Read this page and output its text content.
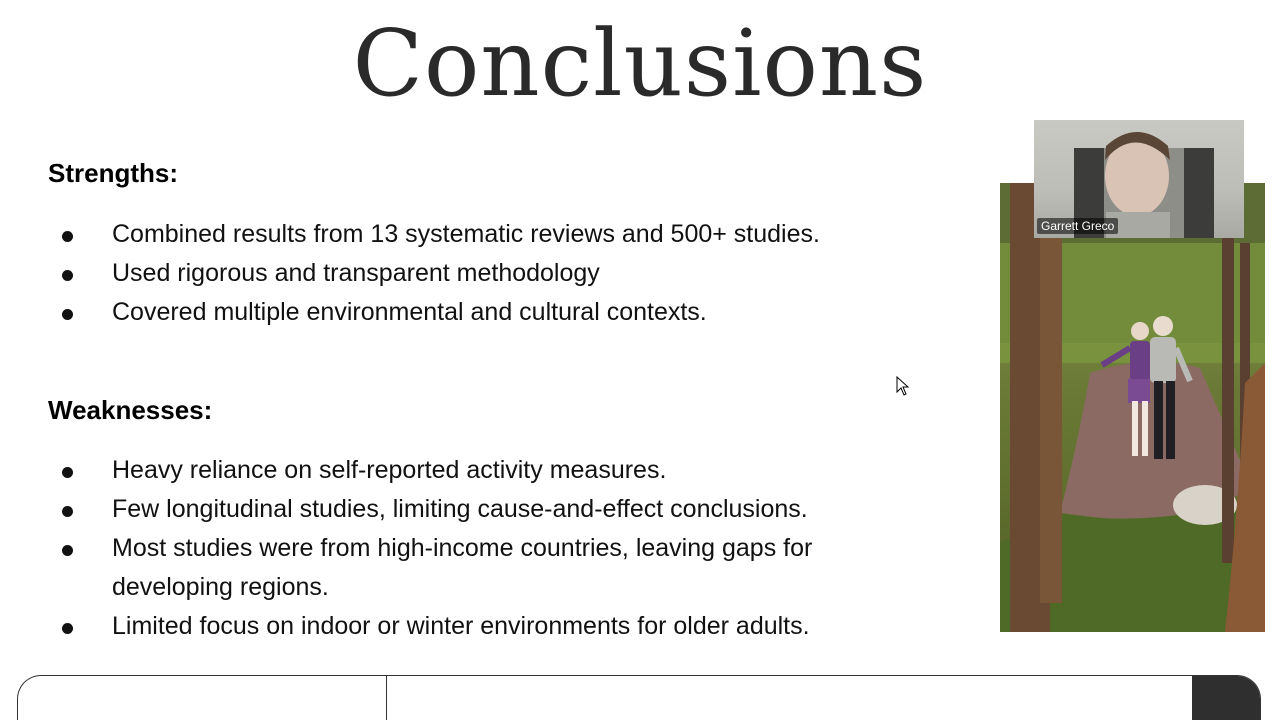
Conclusions
Strengths:
Combined results from 13 systematic reviews and 500+ studies.
Used rigorous and transparent methodology
Covered multiple environmental and cultural contexts.
Weaknesses:
Heavy reliance on self-reported activity measures.
Few longitudinal studies, limiting cause-and-effect conclusions.
Most studies were from high-income countries, leaving gaps for developing regions.
Limited focus on indoor or winter environments for older adults.
Garrett Greco
